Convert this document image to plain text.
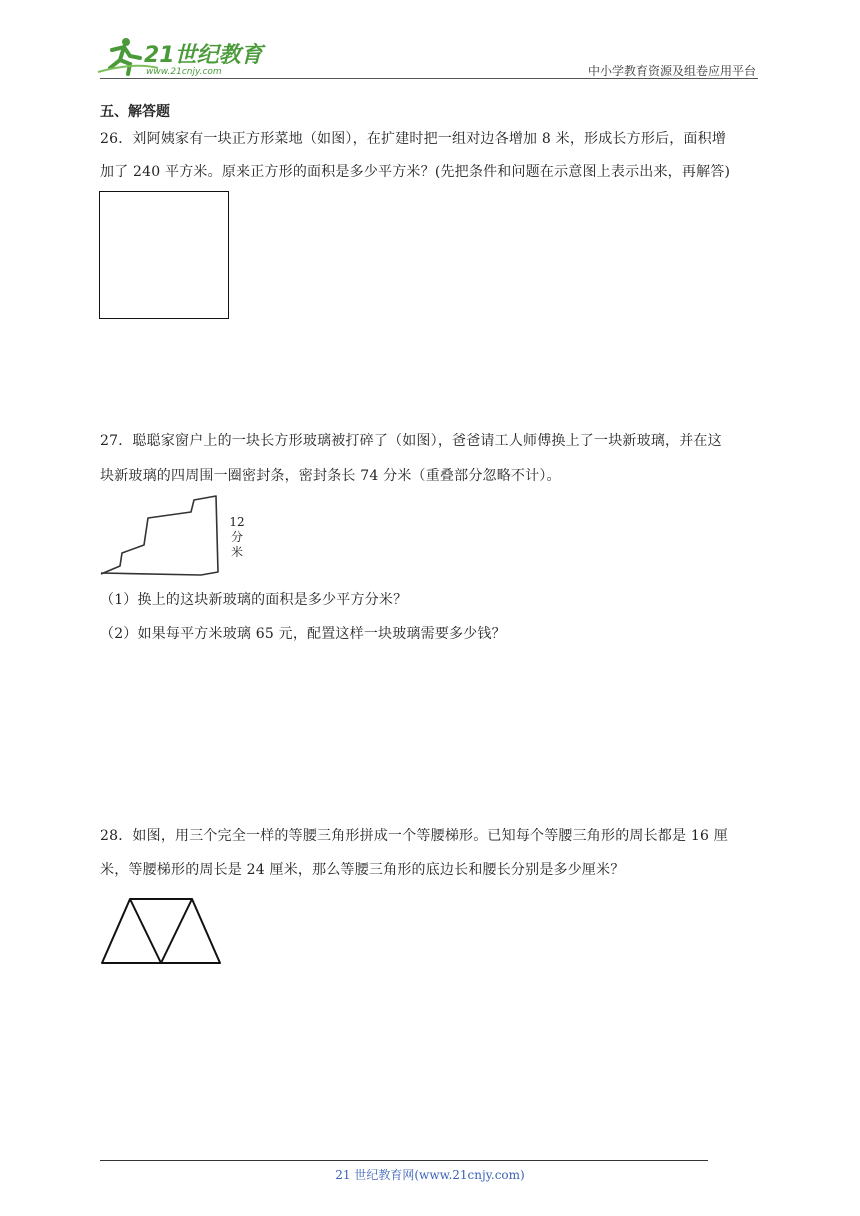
21世纪教育
www.21cnjy.com	中小学教育资源及组卷应用平台
五、解答题
26．刘阿姨家有一块正方形菜地（如图），在扩建时把一组对边各增加 8 米，形成长方形后，面积增
加了 240 平方米。原来正方形的面积是多少平方米？(先把条件和问题在示意图上表示出来，再解答)
27．聪聪家窗户上的一块长方形玻璃被打碎了（如图），爸爸请工人师傅换上了一块新玻璃，并在这
块新玻璃的四周围一圈密封条，密封条长 74 分米（重叠部分忽略不计）。
12
分
米
（1）换上的这块新玻璃的面积是多少平方分米？
（2）如果每平方米玻璃 65 元，配置这样一块玻璃需要多少钱？
28．如图，用三个完全一样的等腰三角形拼成一个等腰梯形。已知每个等腰三角形的周长都是 16 厘
米，等腰梯形的周长是 24 厘米，那么等腰三角形的底边长和腰长分别是多少厘米？
21 世纪教育网(www.21cnjy.com)
